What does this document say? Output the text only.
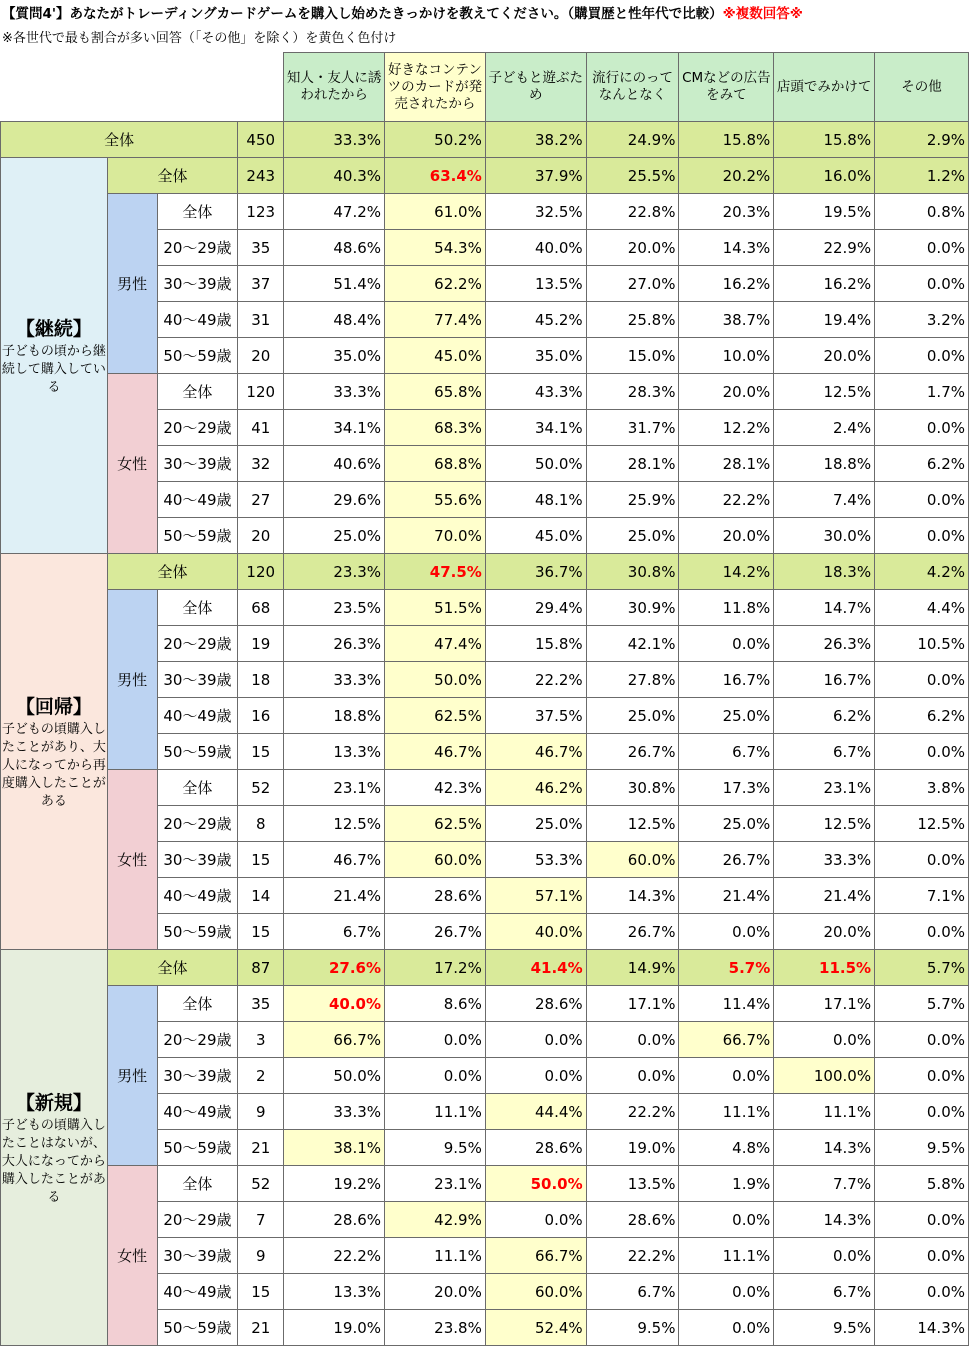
【質問4'】あなたがトレーディングカードゲームを購入し始めたきっかけを教えてください。（購買歴と性年代で比較）※複数回答※
※各世代で最も割合が多い回答（「その他」を除く）を黄色く色付け
				知人・友人に誘われたから	好きなコンテンツのカードが発売されたから	子どもと遊ぶため	流行にのってなんとなく	CMなどの広告をみて	店頭でみかけて	その他
全体			450	33.3%	50.2%	38.2%	24.9%	15.8%	15.8%	2.9%

【継続】
子どもの頃から継続して購入している	全体		243	40.3%	63.4%	37.9%	25.5%	20.2%	16.0%	1.2%
	男性	全体	123	47.2%	61.0%	32.5%	22.8%	20.3%	19.5%	0.8%
		20～29歳	35	48.6%	54.3%	40.0%	20.0%	14.3%	22.9%	0.0%
		30～39歳	37	51.4%	62.2%	13.5%	27.0%	16.2%	16.2%	0.0%
		40～49歳	31	48.4%	77.4%	45.2%	25.8%	38.7%	19.4%	3.2%
		50～59歳	20	35.0%	45.0%	35.0%	15.0%	10.0%	20.0%	0.0%
	女性	全体	120	33.3%	65.8%	43.3%	28.3%	20.0%	12.5%	1.7%
		20～29歳	41	34.1%	68.3%	34.1%	31.7%	12.2%	2.4%	0.0%
		30～39歳	32	40.6%	68.8%	50.0%	28.1%	28.1%	18.8%	6.2%
		40～49歳	27	29.6%	55.6%	48.1%	25.9%	22.2%	7.4%	0.0%
		50～59歳	20	25.0%	70.0%	45.0%	25.0%	20.0%	30.0%	0.0%

【回帰】
子どもの頃購入したことがあり、大人になってから再度購入したことがある	全体		120	23.3%	47.5%	36.7%	30.8%	14.2%	18.3%	4.2%
	男性	全体	68	23.5%	51.5%	29.4%	30.9%	11.8%	14.7%	4.4%
		20～29歳	19	26.3%	47.4%	15.8%	42.1%	0.0%	26.3%	10.5%
		30～39歳	18	33.3%	50.0%	22.2%	27.8%	16.7%	16.7%	0.0%
		40～49歳	16	18.8%	62.5%	37.5%	25.0%	25.0%	6.2%	6.2%
		50～59歳	15	13.3%	46.7%	46.7%	26.7%	6.7%	6.7%	0.0%
	女性	全体	52	23.1%	42.3%	46.2%	30.8%	17.3%	23.1%	3.8%
		20～29歳	8	12.5%	62.5%	25.0%	12.5%	25.0%	12.5%	12.5%
		30～39歳	15	46.7%	60.0%	53.3%	60.0%	26.7%	33.3%	0.0%
		40～49歳	14	21.4%	28.6%	57.1%	14.3%	21.4%	21.4%	7.1%
		50～59歳	15	6.7%	26.7%	40.0%	26.7%	0.0%	20.0%	0.0%

【新規】
子どもの頃購入したことはないが、大人になってから購入したことがある	全体		87	27.6%	17.2%	41.4%	14.9%	5.7%	11.5%	5.7%
	男性	全体	35	40.0%	8.6%	28.6%	17.1%	11.4%	17.1%	5.7%
		20～29歳	3	66.7%	0.0%	0.0%	0.0%	66.7%	0.0%	0.0%
		30～39歳	2	50.0%	0.0%	0.0%	0.0%	0.0%	100.0%	0.0%
		40～49歳	9	33.3%	11.1%	44.4%	22.2%	11.1%	11.1%	0.0%
		50～59歳	21	38.1%	9.5%	28.6%	19.0%	4.8%	14.3%	9.5%
	女性	全体	52	19.2%	23.1%	50.0%	13.5%	1.9%	7.7%	5.8%
		20～29歳	7	28.6%	42.9%	0.0%	28.6%	0.0%	14.3%	0.0%
		30～39歳	9	22.2%	11.1%	66.7%	22.2%	11.1%	0.0%	0.0%
		40～49歳	15	13.3%	20.0%	60.0%	6.7%	0.0%	6.7%	0.0%
		50～59歳	21	19.0%	23.8%	52.4%	9.5%	0.0%	9.5%	14.3%
